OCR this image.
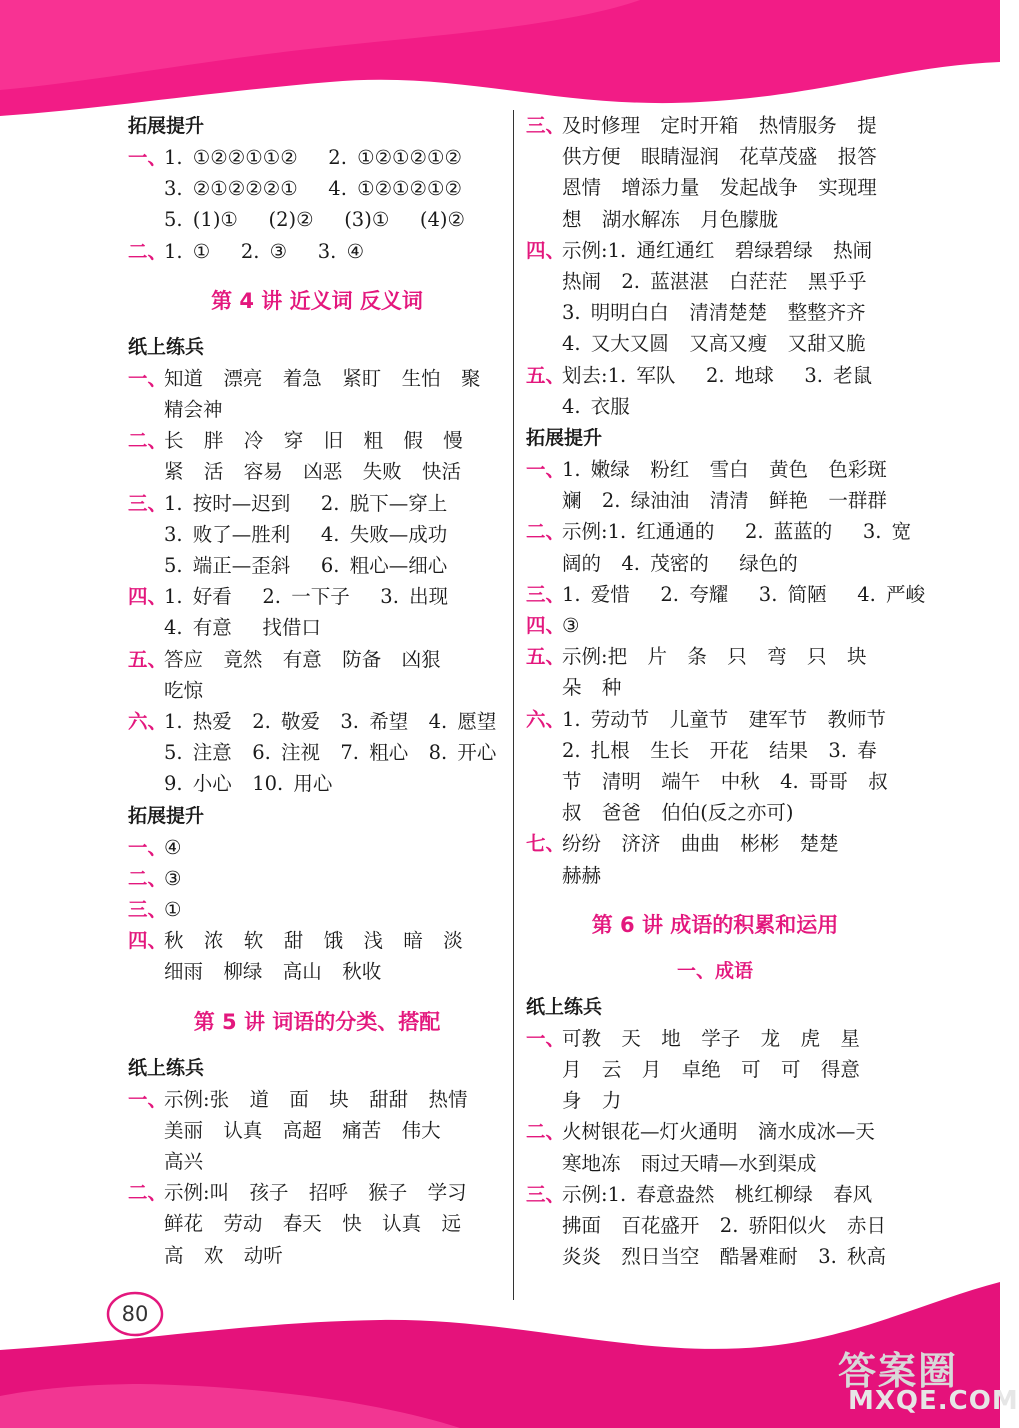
80
答案圈
MXQE.COM
拓展提升
一、
1. ①②②①①②   2. ①②①②①②
3. ②①②②②①   4. ①②①②①②
5. (1)①   (2)②   (3)①   (4)②
二、
1. ①   2. ③   3. ④
第 4 讲 近义词 反义词
纸上练兵
一、
知道  漂亮  着急  紧盯  生怕  聚
精会神
二、
长  胖  冷  穿  旧  粗  假  慢
紧  活  容易  凶恶  失败  快活
三、
1. 按时—迟到   2. 脱下—穿上
3. 败了—胜利   4. 失败—成功
5. 端正—歪斜   6. 粗心—细心
四、
1. 好看   2. 一下子   3. 出现
4. 有意   找借口
五、
答应  竟然  有意  防备  凶狠
吃惊
六、
1. 热爱  2. 敬爱  3. 希望  4. 愿望
5. 注意  6. 注视  7. 粗心  8. 开心
9. 小心  10. 用心
拓展提升
一、
④
二、
③
三、
①
四、
秋  浓  软  甜  饿  浅  暗  淡
细雨  柳绿  高山  秋收
第 5 讲 词语的分类、搭配
纸上练兵
一、
示例:张  道  面  块  甜甜  热情
美丽  认真  高超  痛苦  伟大
高兴
二、
示例:叫  孩子  招呼  猴子  学习
鲜花  劳动  春天  快  认真  远
高  欢  动听
三、
及时修理  定时开箱  热情服务  提
供方便  眼睛湿润  花草茂盛  报答
恩情  增添力量  发起战争  实现理
想  湖水解冻  月色朦胧
四、
示例:1. 通红通红  碧绿碧绿  热闹
热闹  2. 蓝湛湛  白茫茫  黑乎乎
3. 明明白白  清清楚楚  整整齐齐
4. 又大又圆  又高又瘦  又甜又脆
五、
划去:1. 军队   2. 地球   3. 老鼠
4. 衣服
拓展提升
一、
1. 嫩绿  粉红  雪白  黄色  色彩斑
斓  2. 绿油油  清清  鲜艳  一群群
二、
示例:1. 红通通的   2. 蓝蓝的   3. 宽
阔的  4. 茂密的   绿色的
三、
1. 爱惜   2. 夸耀   3. 简陋   4. 严峻
四、
③
五、
示例:把  片  条  只  弯  只  块
朵  种
六、
1. 劳动节  儿童节  建军节  教师节
2. 扎根  生长  开花  结果  3. 春
节  清明  端午  中秋  4. 哥哥  叔
叔  爸爸  伯伯(反之亦可)
七、
纷纷  济济  曲曲  彬彬  楚楚
赫赫
第 6 讲 成语的积累和运用
一、成语
纸上练兵
一、
可教  天  地  学子  龙  虎  星
月  云  月  卓绝  可  可  得意
身  力
二、
火树银花—灯火通明  滴水成冰—天
寒地冻  雨过天晴—水到渠成
三、
示例:1. 春意盎然  桃红柳绿  春风
拂面  百花盛开  2. 骄阳似火  赤日
炎炎  烈日当空  酷暑难耐  3. 秋高
